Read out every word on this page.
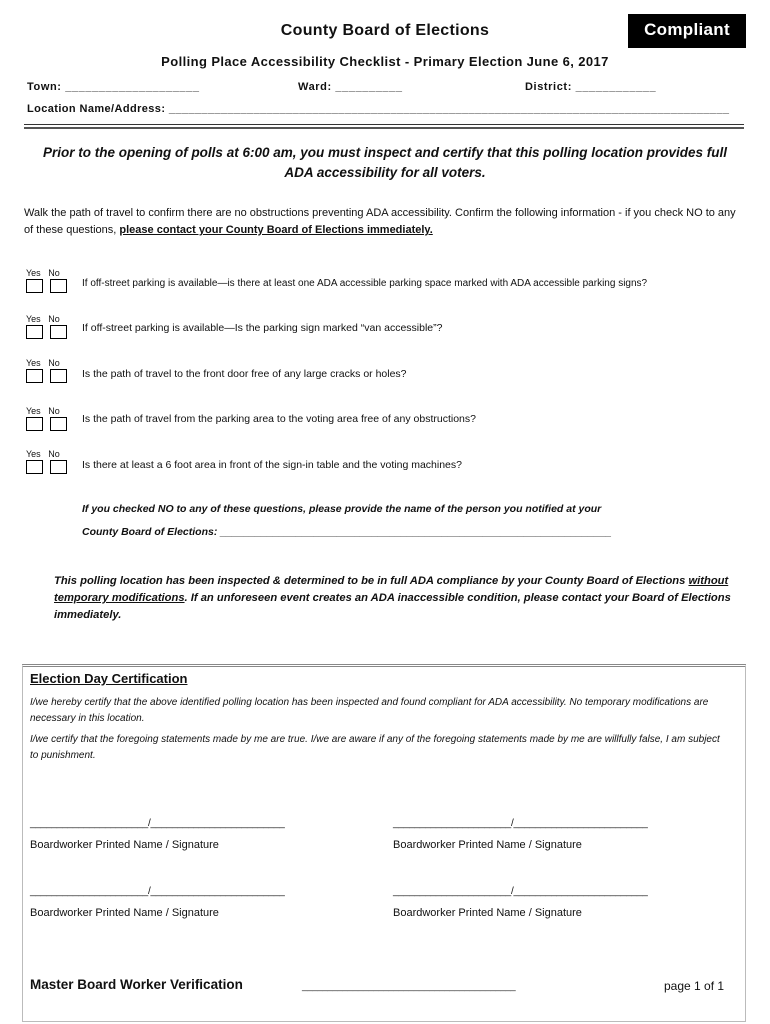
County Board of Elections	Compliant
Polling Place Accessibility Checklist - Primary Election June 6, 2017
Town: ____________________	Ward: __________	District: ____________
Location Name/Address: ______________________________________________________________________________________
Prior to the opening of polls at 6:00 am, you must inspect and certify that this polling location provides full ADA accessibility for all voters.
Walk the path of travel to confirm there are no obstructions preventing ADA accessibility. Confirm the following information - if you check NO to any of these questions, please contact your County Board of Elections immediately.
Yes No
If off-street parking is available—is there at least one ADA accessible parking space marked with ADA accessible parking signs?
Yes No
If off-street parking is available—Is the parking sign marked “van accessible”?
Yes No
Is the path of travel to the front door free of any large cracks or holes?
Yes No
Is the path of travel from the parking area to the voting area free of any obstructions?
Yes No
Is there at least a 6 foot area in front of the sign-in table and the voting machines?
If you checked NO to any of these questions, please provide the name of the person you notified at your
County Board of Elections: ___________________________________________________________________
This polling location has been inspected & determined to be in full ADA compliance by your County Board of Elections without temporary modifications. If an unforeseen event creates an ADA inaccessible condition, please contact your Board of Elections immediately.
Election Day Certification
I/we hereby certify that the above identified polling location has been inspected and found compliant for ADA accessibility. No temporary modifications are necessary in this location.
I/we certify that the foregoing statements made by me are true. I/we are aware if any of the foregoing statements made by me are willfully false, I am subject to punishment.
______________________/_________________________	______________________/_________________________
Boardworker Printed Name / Signature	Boardworker Printed Name / Signature
______________________/_________________________	______________________/_________________________
Boardworker Printed Name / Signature	Boardworker Printed Name / Signature
Master Board Worker Verification	__________________________________________	page 1 of 1
